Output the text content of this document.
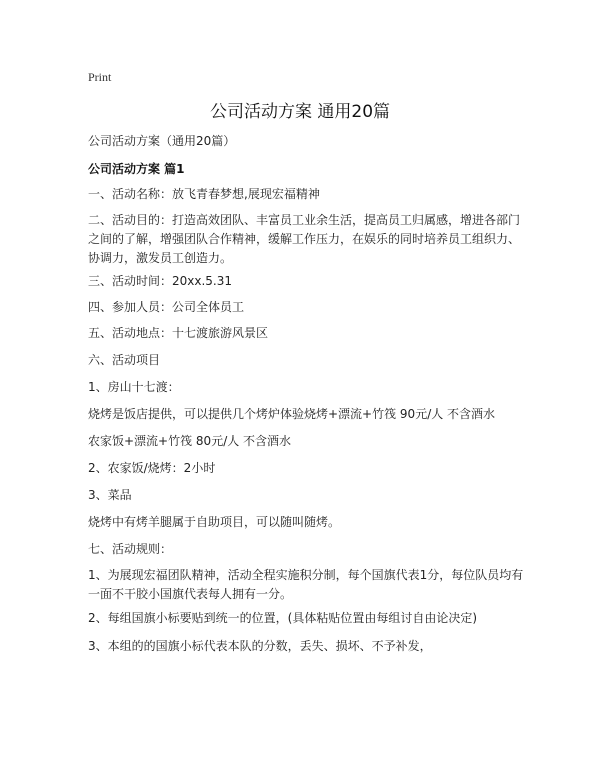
Print
公司活动方案 通用20篇

公司活动方案（通用20篇）

公司活动方案 篇1

一、活动名称：放飞青春梦想,展现宏福精神

二、活动目的：打造高效团队、丰富员工业余生活，提高员工归属感，增进各部门之间的了解，增强团队合作精神，缓解工作压力，在娱乐的同时培养员工组织力、协调力，激发员工创造力。

三、活动时间：20xx.5.31

四、参加人员：公司全体员工

五、活动地点：十七渡旅游风景区

六、活动项目

1、房山十七渡：

烧烤是饭店提供，可以提供几个烤炉体验烧烤+漂流+竹筏 90元/人 不含酒水

农家饭+漂流+竹筏 80元/人 不含酒水

2、农家饭/烧烤：2小时

3、菜品

烧烤中有烤羊腿属于自助项目，可以随叫随烤。

七、活动规则：

1、为展现宏福团队精神，活动全程实施积分制，每个国旗代表1分，每位队员均有一面不干胶小国旗代表每人拥有一分。

2、每组国旗小标要贴到统一的位置，(具体粘贴位置由每组讨自由论决定)

3、本组的的国旗小标代表本队的分数，丢失、损坏、不予补发，
